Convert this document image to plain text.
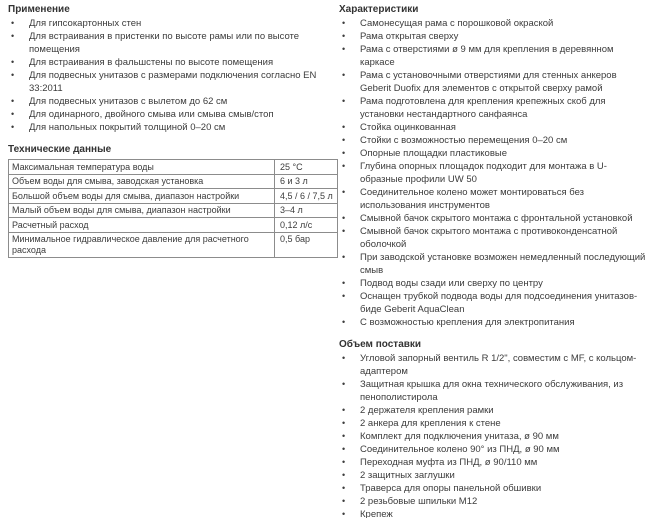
Применение
•	Для гипсокартонных стен
•	Для встраивания в пристенки по высоте рамы или по высоте помещения
•	Для встраивания в фальшстены по высоте помещения
•	Для подвесных унитазов с размерами подключения согласно EN 33:2011
•	Для подвесных унитазов с вылетом до 62 см
•	Для одинарного, двойного смыва или смыва смыв/стоп
•	Для напольных покрытий толщиной 0–20 см
Технические данные
Максимальная температура воды	25 °C
Объем воды для смыва, заводская установка	6 и 3 л
Большой объем воды для смыва, диапазон настройки	4,5 / 6 / 7,5 л
Малый объем воды для смыва, диапазон настройки	3–4 л
Расчетный расход	0,12 л/с
Минимальное гидравлическое давление для расчетного расхода	0,5 бар
Характеристики
•	Самонесущая рама с порошковой окраской
•	Рама открытая сверху
•	Рама с отверстиями ø 9 мм для крепления в деревянном каркасе
•	Рама с установочными отверстиями для стенных анкеров Geberit Duofix для элементов с открытой сверху рамой
•	Рама подготовлена для крепления крепежных скоб для установки нестандартного санфаянса
•	Стойка оцинкованная
•	Стойки с возможностью перемещения 0–20 см
•	Опорные площадки пластиковые
•	Глубина опорных площадок подходит для монтажа в U-образные профили UW 50
•	Соединительное колено может монтироваться без использования инструментов
•	Смывной бачок скрытого монтажа с фронтальной установкой
•	Смывной бачок скрытого монтажа с противоконденсатной оболочкой
•	При заводской установке возможен немедленный последующий смыв
•	Подвод воды сзади или сверху по центру
•	Оснащен трубкой подвода воды для подсоединения унитазов-биде Geberit AquaClean
•	С возможностью крепления для электропитания
Объем поставки
•	Угловой запорный вентиль R 1/2", совместим с MF, с кольцом-адаптером
•	Защитная крышка для окна технического обслуживания, из пенополистирола
•	2 держателя крепления рамки
•	2 анкера для крепления к стене
•	Комплект для подключения унитаза, ø 90 мм
•	Соединительное колено 90° из ПНД, ø 90 мм
•	Переходная муфта из ПНД, ø 90/110 мм
•	2 защитных заглушки
•	Траверса для опоры панельной обшивки
•	2 резьбовые шпильки M12
•	Крепеж
